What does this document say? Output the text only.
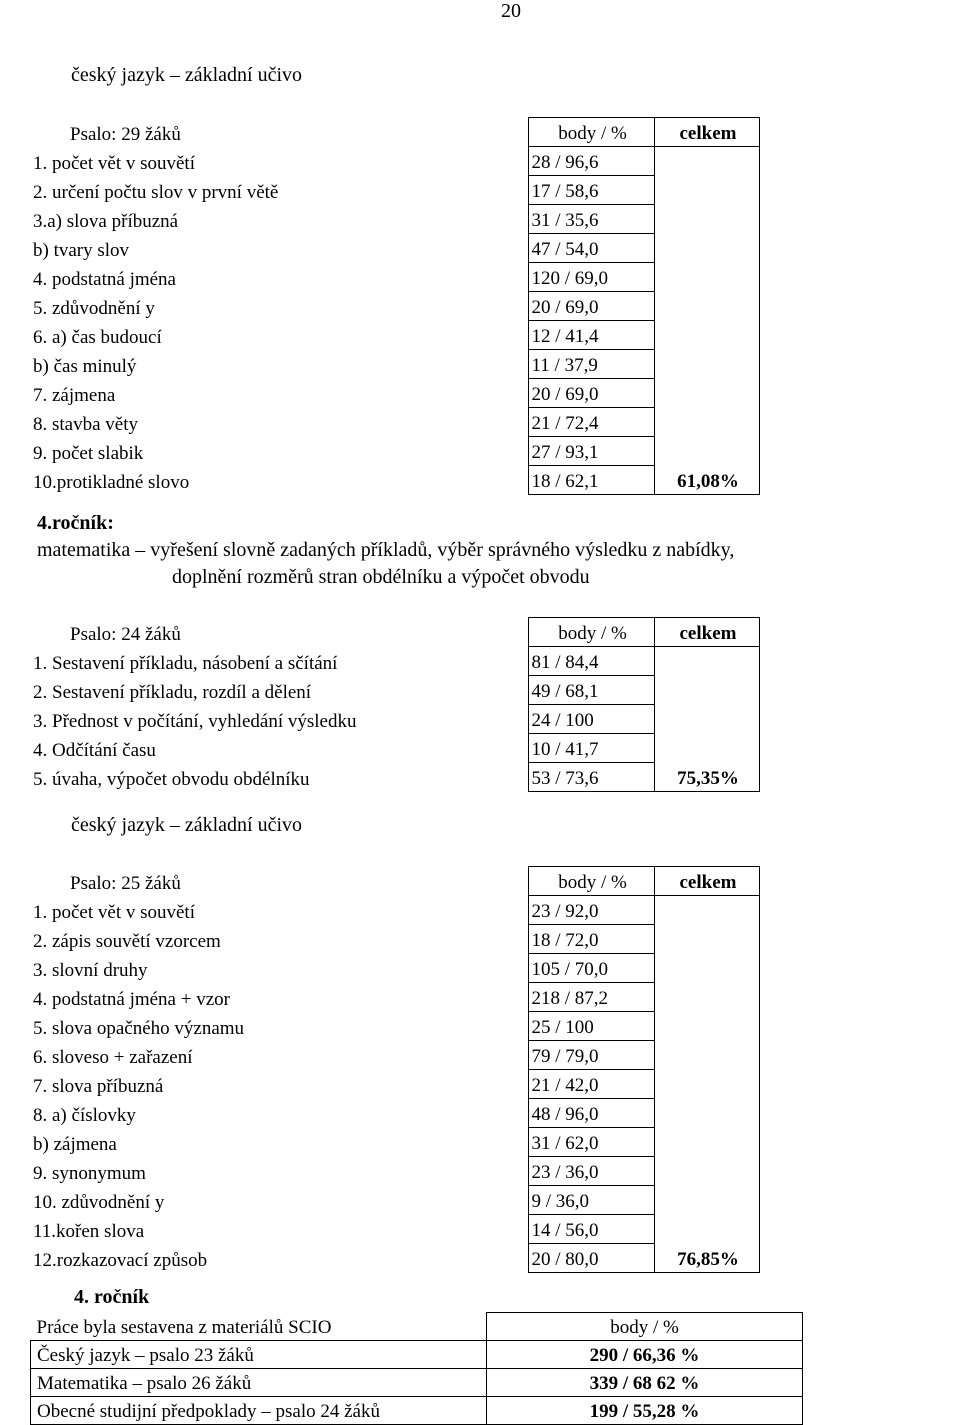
20
český jazyk – základní učivo
Psalo: 29 žáků	body / %	celkem
1. počet vět v souvětí	28 / 96,6	61,08%
2. určení počtu slov v první větě	17 / 58,6	
3.a) slova příbuzná	31 / 35,6	
b) tvary slov	47 / 54,0	
4. podstatná jména	120 / 69,0	
5. zdůvodnění y	20 / 69,0	
6. a) čas budoucí	12 / 41,4	
b) čas minulý	11 / 37,9	
7. zájmena	20 / 69,0	
8. stavba věty	21 / 72,4	
9. počet slabik	27 / 93,1	
10.protikladné slovo	18 / 62,1	
4.ročník:
matematika – vyřešení slovně zadaných příkladů, výběr správného výsledku z nabídky,
doplnění rozměrů stran obdélníku a výpočet obvodu
Psalo: 24 žáků	body / %	celkem
1. Sestavení příkladu, násobení a sčítání	81 / 84,4	75,35%
2. Sestavení příkladu, rozdíl a dělení	49 / 68,1	
3. Přednost v počítání, vyhledání výsledku	24 / 100	
4. Odčítání času	10 / 41,7	
5. úvaha, výpočet obvodu obdélníku	53 / 73,6	
český jazyk – základní učivo
Psalo: 25 žáků	body / %	celkem
1. počet vět v souvětí	23 / 92,0	76,85%
2. zápis souvětí vzorcem	18 / 72,0	
3. slovní druhy	105 / 70,0	
4. podstatná jména + vzor	218 / 87,2	
5. slova opačného významu	25 / 100	
6. sloveso + zařazení	79 / 79,0	
7. slova příbuzná	21 / 42,0	
8. a) číslovky	48 / 96,0	
b) zájmena	31 / 62,0	
9. synonymum	23 / 36,0	
10. zdůvodnění y	9 / 36,0	
11.kořen slova	14 / 56,0	
12.rozkazovací způsob	20 / 80,0	
4. ročník
Práce byla sestavena z materiálů SCIO	body / %
Český jazyk – psalo 23 žáků	290 / 66,36 %
Matematika – psalo 26 žáků	339 / 68 62 %
Obecné studijní předpoklady – psalo 24 žáků	199 / 55,28 %
